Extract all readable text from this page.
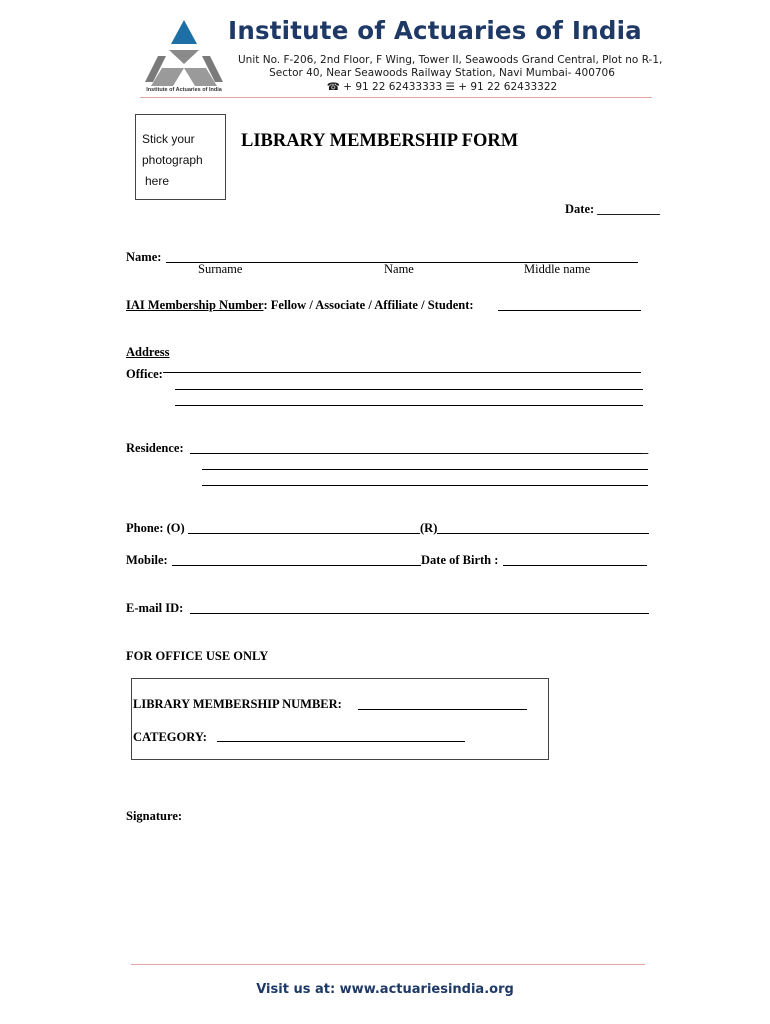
Institute of Actuaries of India
Institute of Actuaries of India
Unit No. F-206, 2nd Floor, F Wing, Tower II, Seawoods Grand Central, Plot no R-1,
Sector 40, Near Seawoods Railway Station, Navi Mumbai- 400706
☎ + 91 22 62433333 ☰ + 91 22 62433322
Stick your
photograph
here
LIBRARY MEMBERSHIP FORM
Date: __________
Name:
Surname	Name	Middle name
IAI Membership Number: Fellow / Associate / Affiliate / Student:
Address
Office:
Residence:	_
Phone: (O)	(R)
Mobile:	Date of Birth :
E-mail ID:
FOR OFFICE USE ONLY
LIBRARY MEMBERSHIP NUMBER:
CATEGORY:
Signature:
Visit us at: www.actuariesindia.org
